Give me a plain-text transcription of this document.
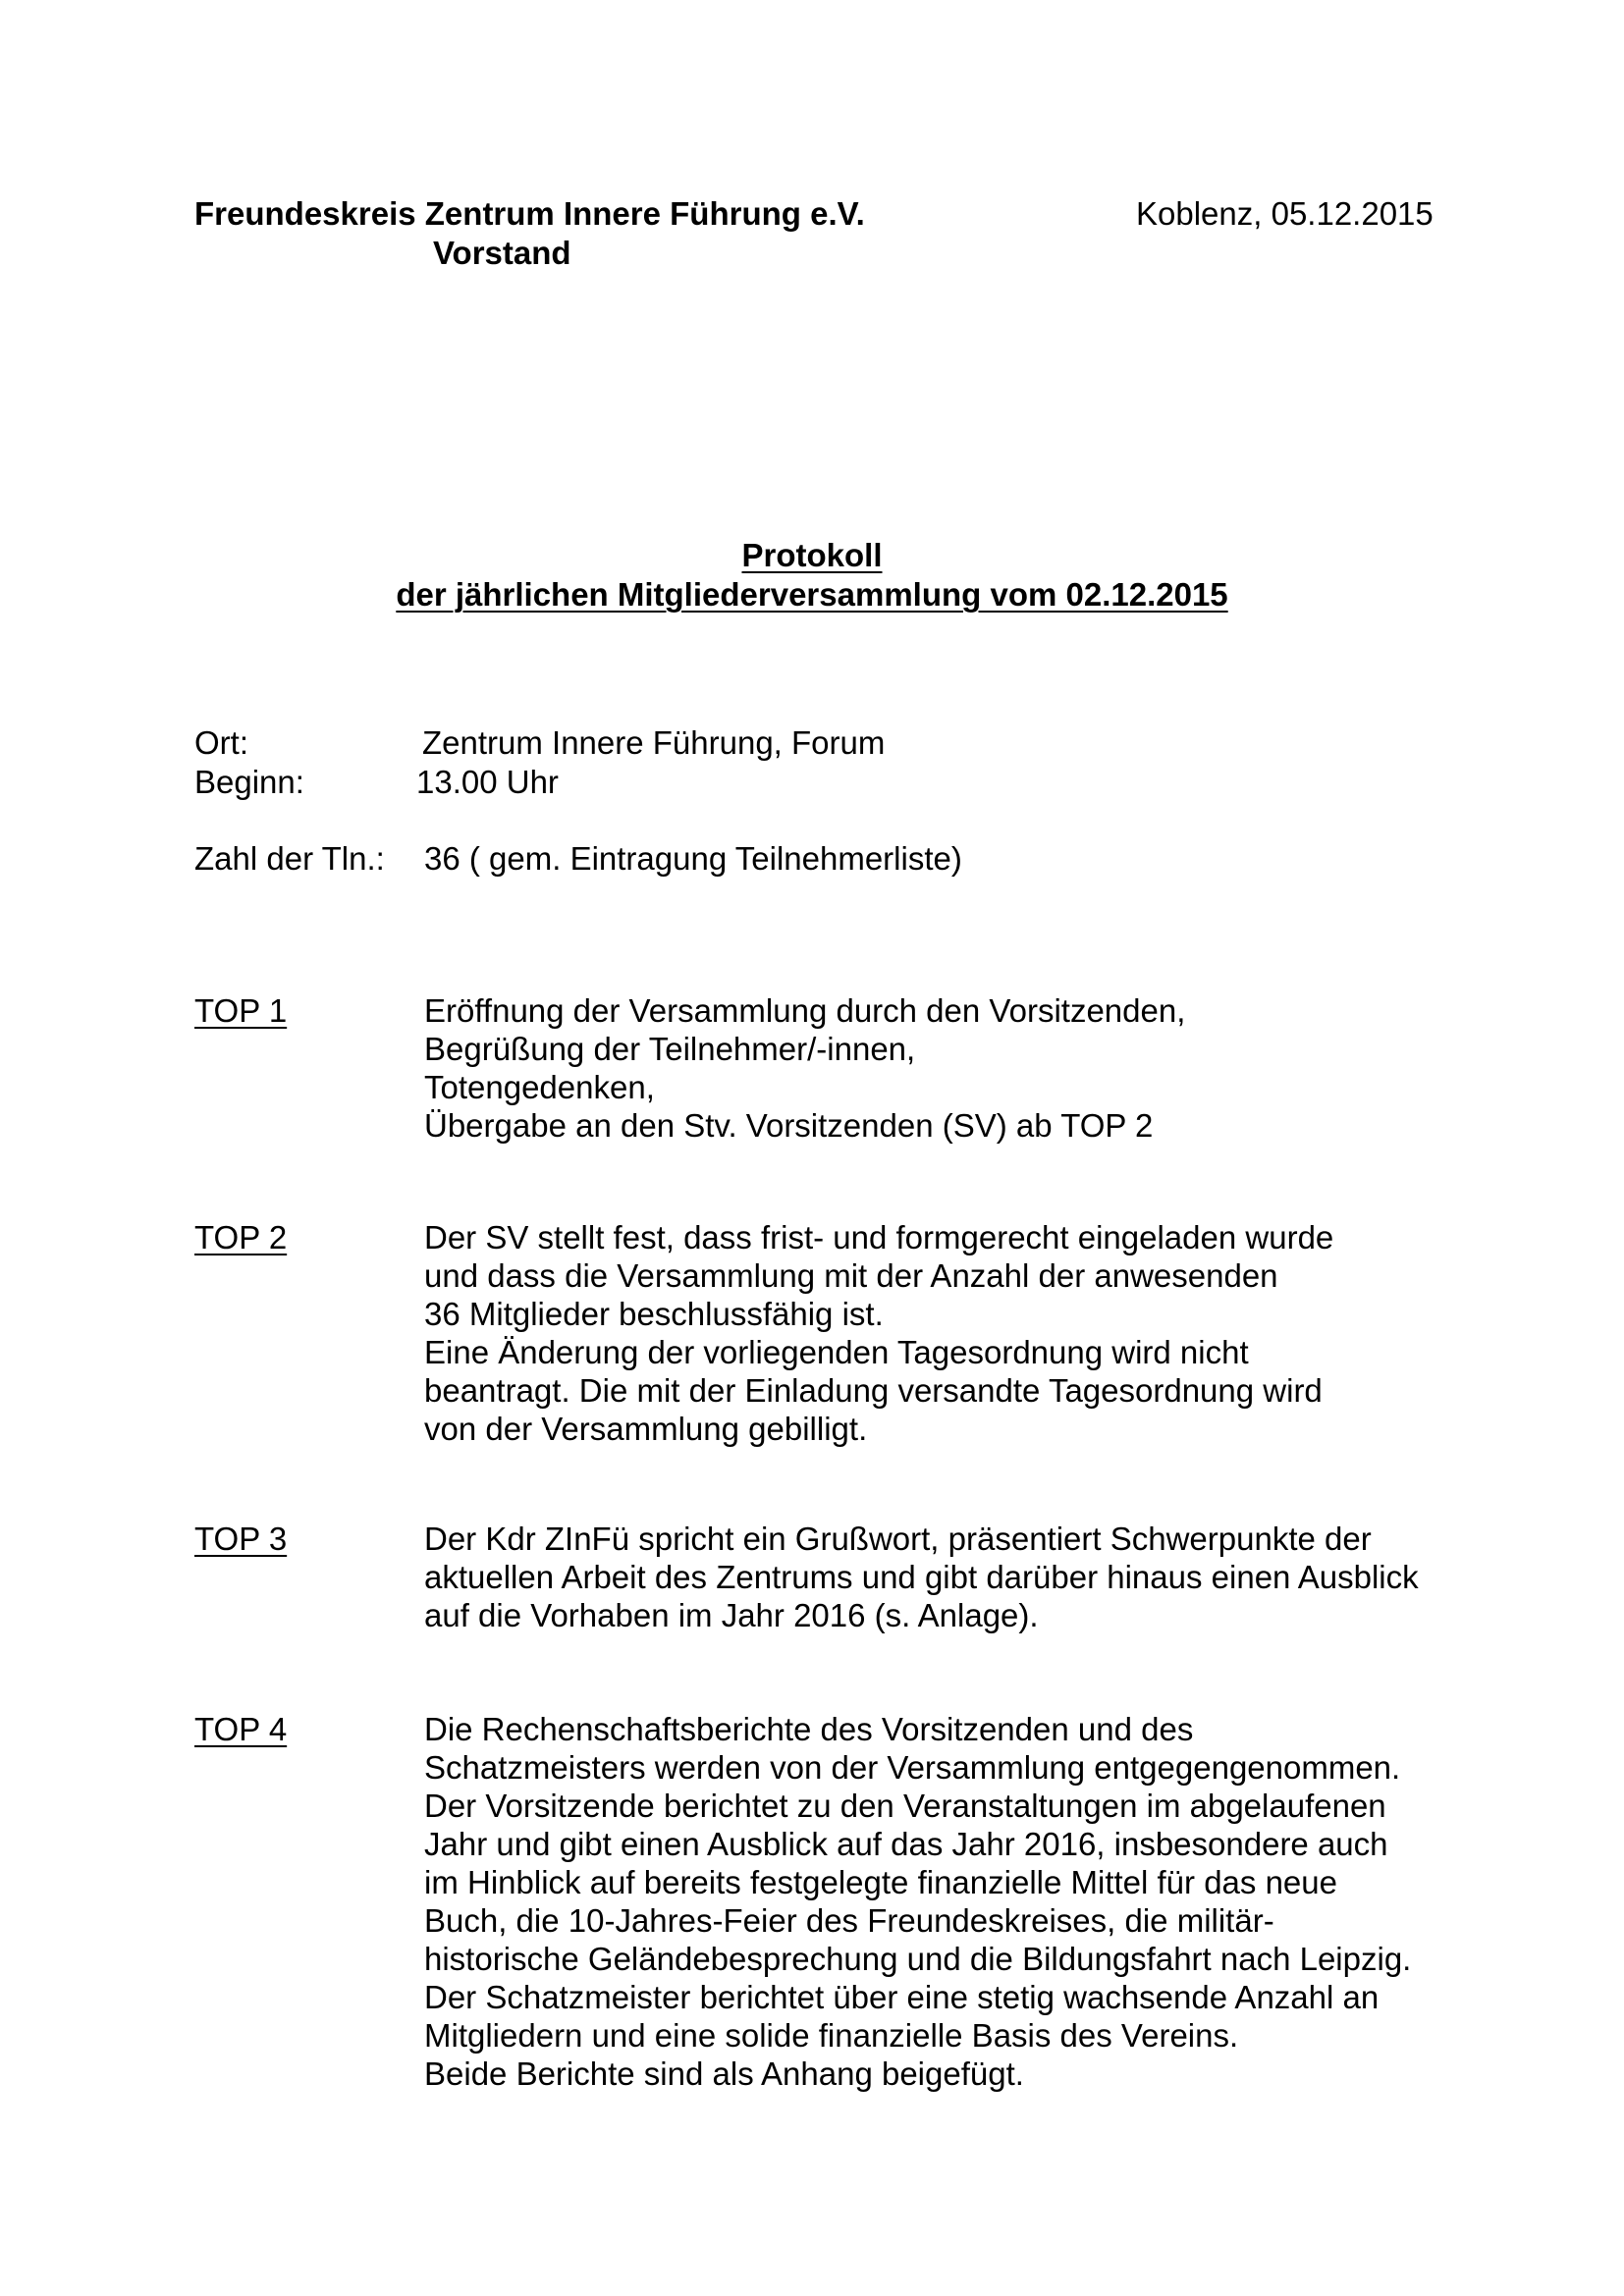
Freundeskreis Zentrum Innere Führung e.V.
Vorstand
Koblenz, 05.12.2015
Protokoll
der jährlichen Mitgliederversammlung vom 02.12.2015
Ort:	Zentrum Innere Führung, Forum
Beginn:	13.00 Uhr
Zahl der Tln.: 36 ( gem. Eintragung Teilnehmerliste)
TOP 1	Eröffnung der Versammlung durch den Vorsitzenden,
Begrüßung der Teilnehmer/-innen,
Totengedenken,
Übergabe an den Stv. Vorsitzenden (SV) ab TOP 2
TOP 2	Der SV stellt fest, dass frist- und formgerecht eingeladen wurde
und dass die Versammlung mit der Anzahl der anwesenden
36 Mitglieder beschlussfähig ist.
Eine Änderung der vorliegenden Tagesordnung wird nicht
beantragt. Die mit der Einladung versandte Tagesordnung wird
von der Versammlung gebilligt.
TOP 3	Der Kdr ZInFü spricht ein Grußwort, präsentiert Schwerpunkte der
aktuellen Arbeit des Zentrums und gibt darüber hinaus einen Ausblick
auf die Vorhaben im Jahr 2016 (s. Anlage).
TOP 4	Die Rechenschaftsberichte des Vorsitzenden und des
Schatzmeisters werden von der Versammlung entgegengenommen.
Der Vorsitzende berichtet zu den Veranstaltungen im abgelaufenen
Jahr und gibt einen Ausblick auf das Jahr 2016, insbesondere auch
im Hinblick auf bereits festgelegte finanzielle Mittel für das neue
Buch, die 10-Jahres-Feier des Freundeskreises, die militär-
historische Geländebesprechung und die Bildungsfahrt nach Leipzig.
Der Schatzmeister berichtet über eine stetig wachsende Anzahl an
Mitgliedern und eine solide finanzielle Basis des Vereins.
Beide Berichte sind als Anhang beigefügt.
